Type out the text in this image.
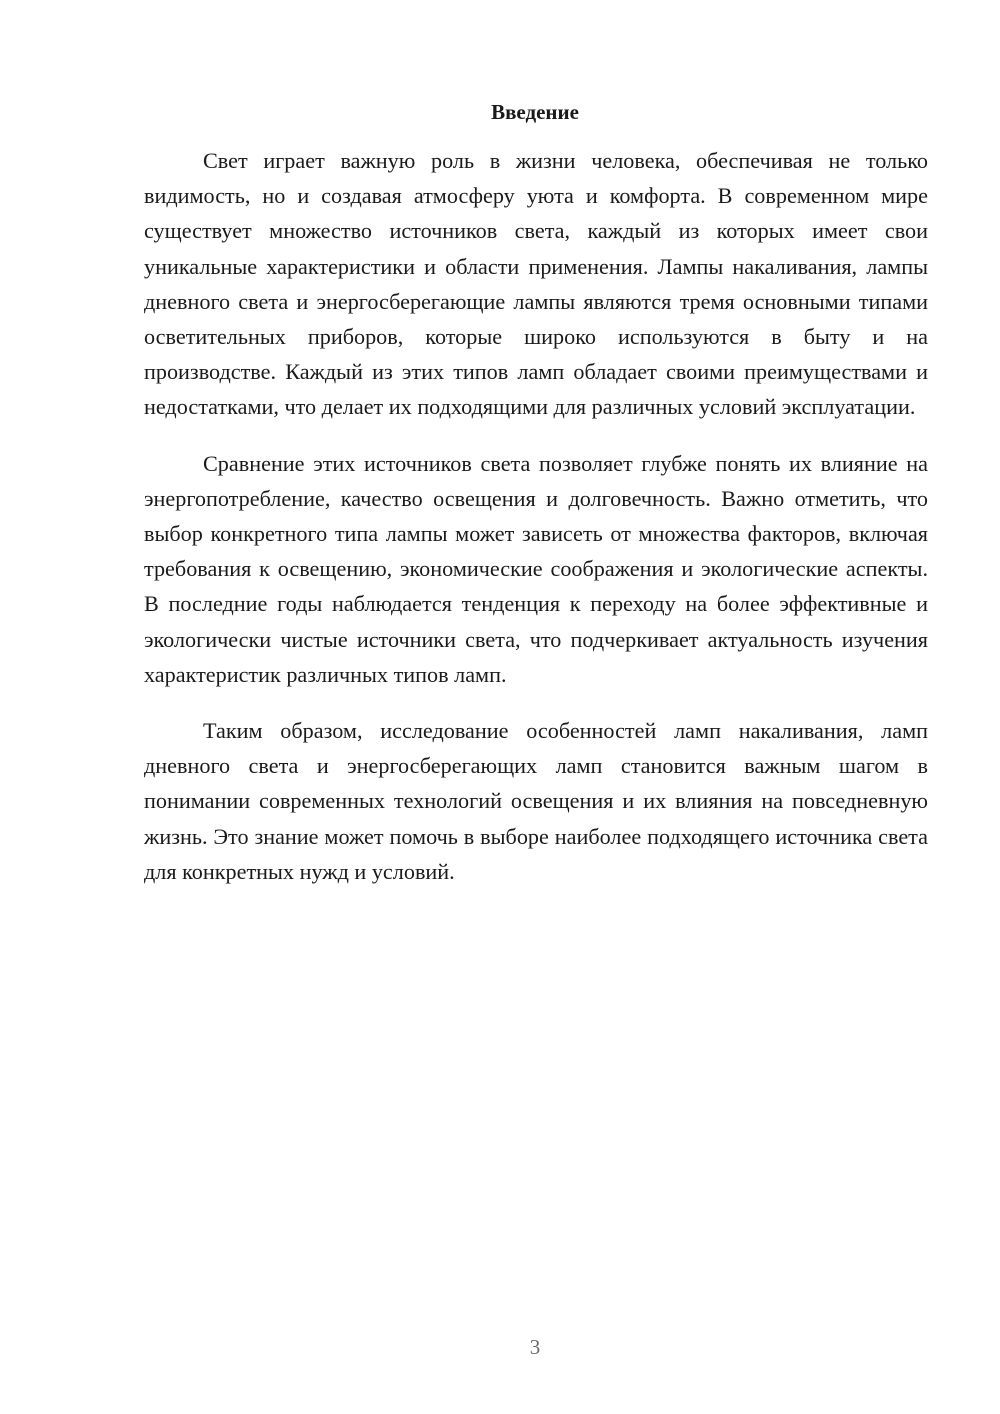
Введение

Свет играет важную роль в жизни человека, обеспечивая не только видимость, но и создавая атмосферу уюта и комфорта. В современном мире существует множество источников света, каждый из которых имеет свои уникальные характеристики и области применения. Лампы накаливания, лампы дневного света и энергосберегающие лампы являются тремя основными типами осветительных приборов, которые широко используются в быту и на производстве. Каждый из этих типов ламп обладает своими преимуществами и недостатками, что делает их подходящими для различных условий эксплуатации.

Сравнение этих источников света позволяет глубже понять их влияние на энергопотребление, качество освещения и долговечность. Важно отметить, что выбор конкретного типа лампы может зависеть от множества факторов, включая требования к освещению, экономические соображения и экологические аспекты. В последние годы наблюдается тенденция к переходу на более эффективные и экологически чистые источники света, что подчеркивает актуальность изучения характеристик различных типов ламп.

Таким образом, исследование особенностей ламп накаливания, ламп дневного света и энергосберегающих ламп становится важным шагом в понимании современных технологий освещения и их влияния на повседневную жизнь. Это знание может помочь в выборе наиболее подходящего источника света для конкретных нужд и условий.

3
